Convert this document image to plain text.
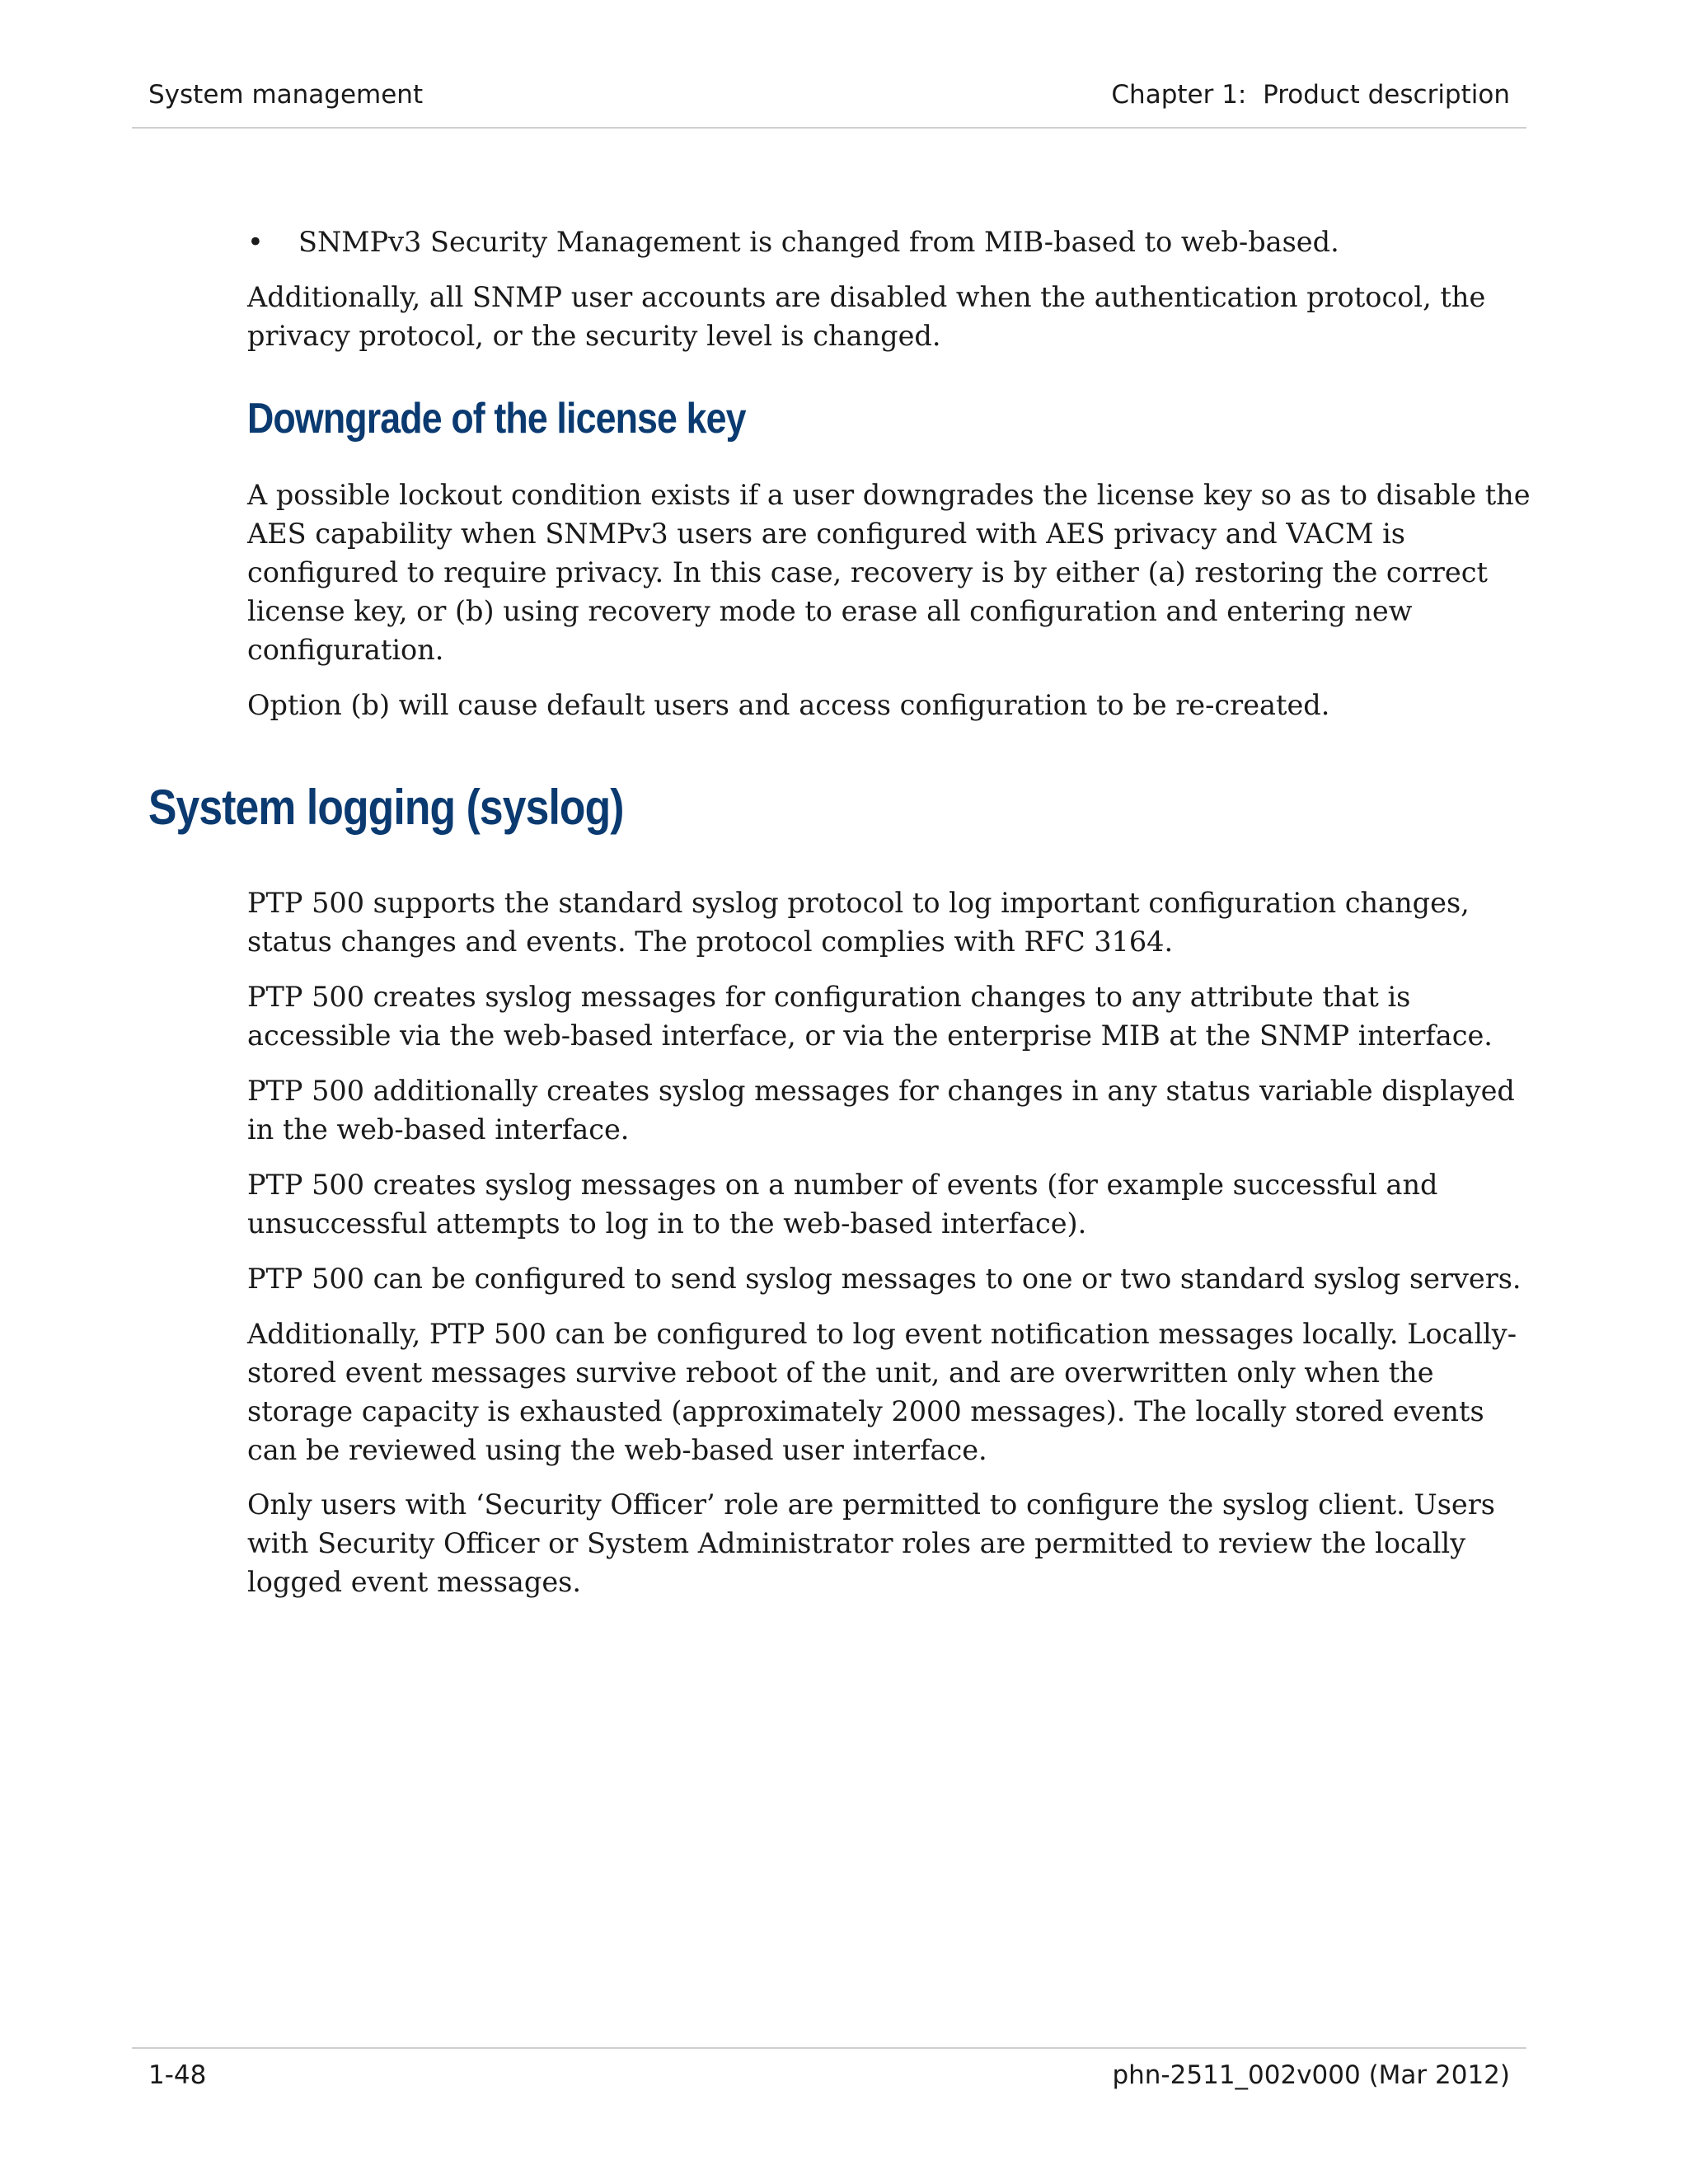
System management	Chapter 1:  Product description
• SNMPv3 Security Management is changed from MIB-based to web-based.

Additionally, all SNMP user accounts are disabled when the authentication protocol, the privacy protocol, or the security level is changed.

Downgrade of the license key

A possible lockout condition exists if a user downgrades the license key so as to disable the AES capability when SNMPv3 users are configured with AES privacy and VACM is configured to require privacy. In this case, recovery is by either (a) restoring the correct license key, or (b) using recovery mode to erase all configuration and entering new configuration.

Option (b) will cause default users and access configuration to be re-created.

System logging (syslog)

PTP 500 supports the standard syslog protocol to log important configuration changes, status changes and events. The protocol complies with RFC 3164.

PTP 500 creates syslog messages for configuration changes to any attribute that is accessible via the web-based interface, or via the enterprise MIB at the SNMP interface.

PTP 500 additionally creates syslog messages for changes in any status variable displayed in the web-based interface.

PTP 500 creates syslog messages on a number of events (for example successful and unsuccessful attempts to log in to the web-based interface).

PTP 500 can be configured to send syslog messages to one or two standard syslog servers.

Additionally, PTP 500 can be configured to log event notification messages locally. Locally-stored event messages survive reboot of the unit, and are overwritten only when the storage capacity is exhausted (approximately 2000 messages). The locally stored events can be reviewed using the web-based user interface.

Only users with ‘Security Officer’ role are permitted to configure the syslog client. Users with Security Officer or System Administrator roles are permitted to review the locally logged event messages.

1-48	phn-2511_002v000 (Mar 2012)
